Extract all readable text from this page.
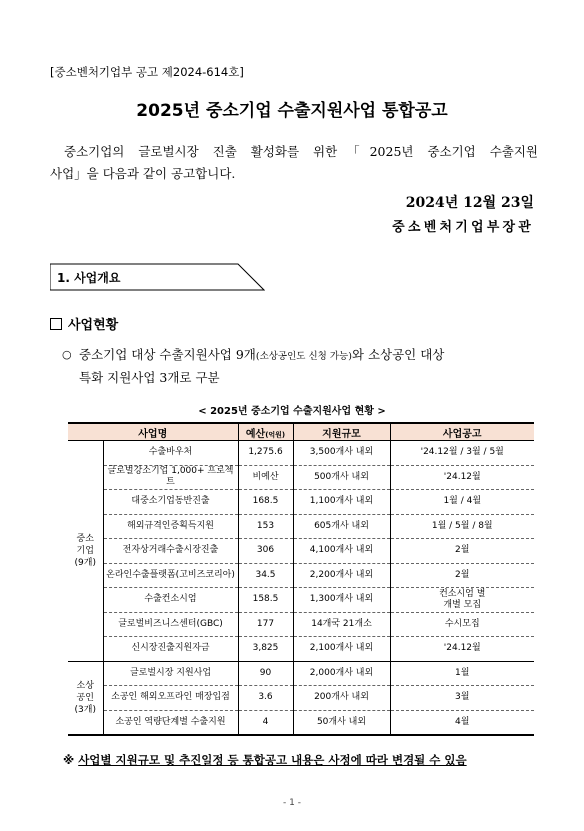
[중소벤처기업부 공고 제2024-614호]
2025년 중소기업 수출지원사업 통합공고
중소기업의 글로벌시장 진출 활성화를 위한「2025년 중소기업 수출지원
사업」을 다음과 같이 공고합니다.
2024년 12월 23일
중소벤처기업부장관
1. 사업개요
사업현황
○ 중소기업 대상 수출지원사업 9개(소상공인도 신청 가능)와 소상공인 대상
특화 지원사업 3개로 구분
< 2025년 중소기업 수출지원사업 현황 >
사업명		예산(억원)	지원규모	사업공고
중소
기업
(9개)	수출바우처	1,275.6	3,500개사 내외	'24.12월 / 3월 / 5월
	글로벌강소기업 1,000+ 프로젝트	비예산	500개사 내외	'24.12월
	대중소기업동반진출	168.5	1,100개사 내외	1월 / 4월
	해외규격인증획득지원	153	605개사 내외	1월 / 5월 / 8월
	전자상거래수출시장진출	306	4,100개사 내외	2월
	온라인수출플랫폼(고비즈코리아)	34.5	2,200개사 내외	2월
	수출컨소시엄	158.5	1,300개사 내외	컨소시엄 별
개별 모집
	글로벌비즈니스센터(GBC)	177	14개국 21개소	수시모집
	신시장진출지원자금	3,825	2,100개사 내외	'24.12월
소상
공인
(3개)	글로벌시장 지원사업	90	2,000개사 내외	1월
	소공인 해외오프라인 매장입점	3.6	200개사 내외	3월
	소공인 역량단계별 수출지원	4	50개사 내외	4월
※ 사업별 지원규모 및 추진일정 등 통합공고 내용은 사정에 따라 변경될 수 있음
- 1 -
